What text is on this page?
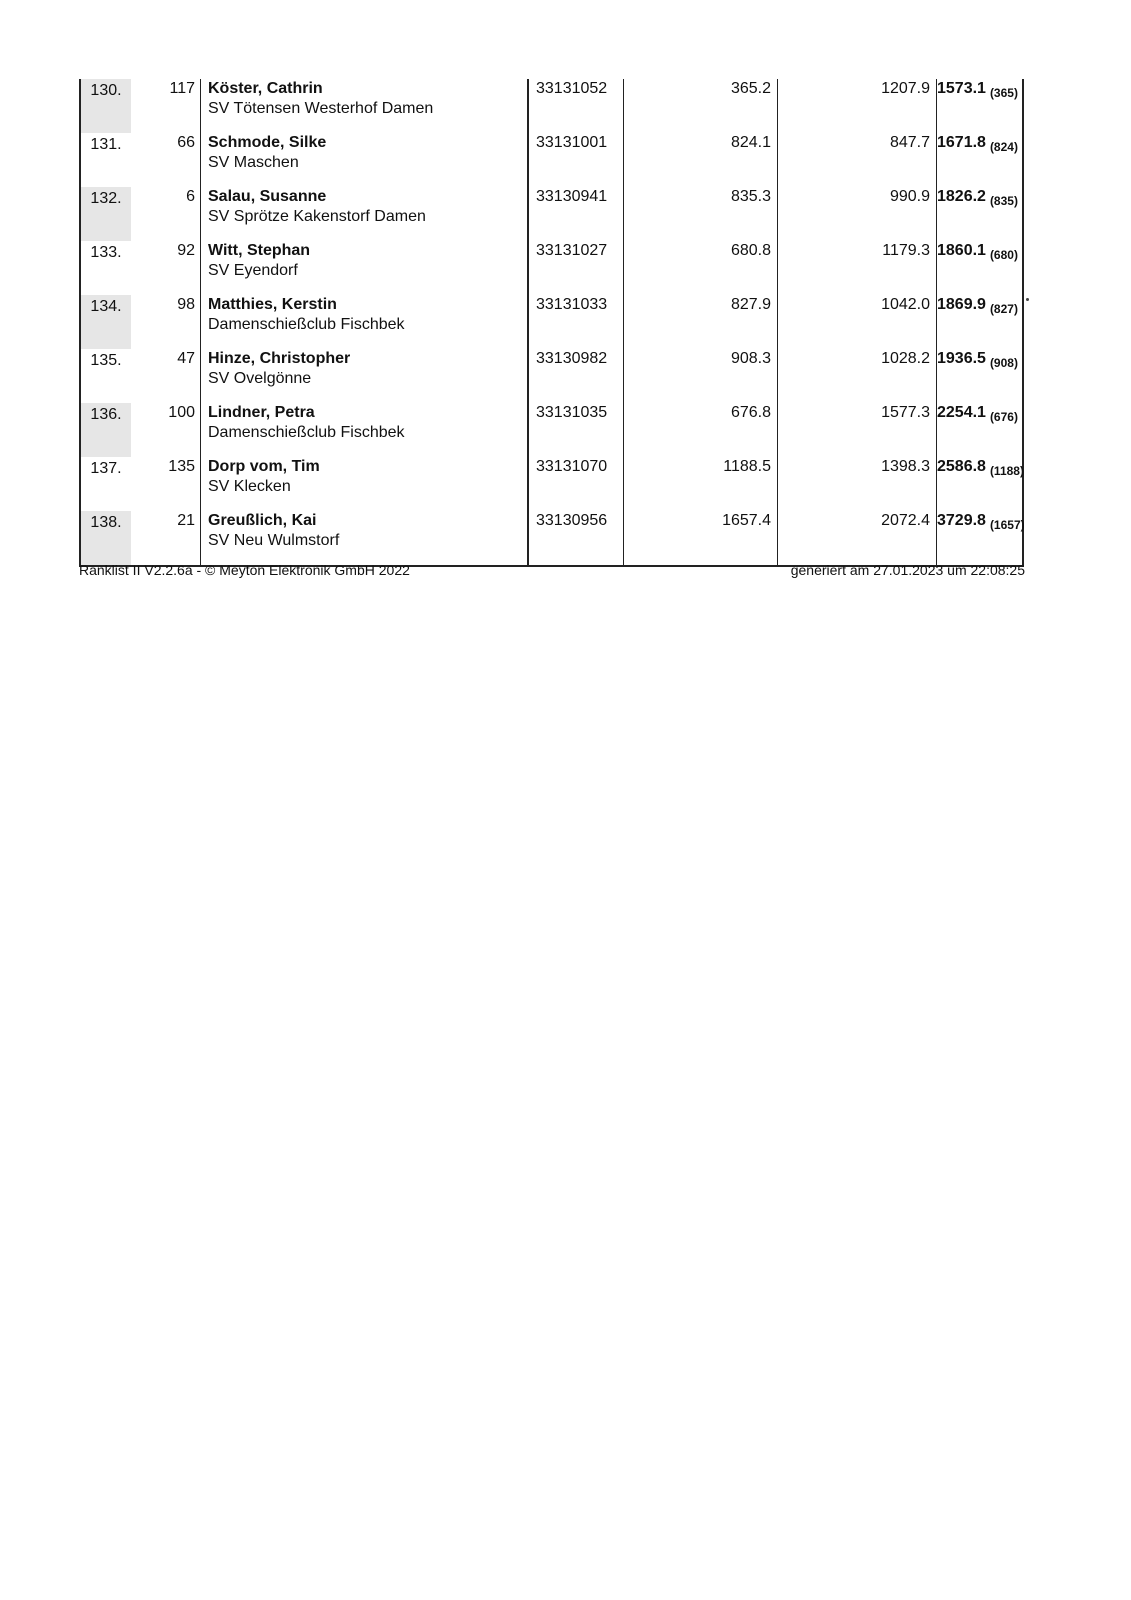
130.	117	Köster, Cathrin
SV Tötensen Westerhof Damen	33131052	365.2	1207.9	1573.1 $_{(365)}$
131.	66	Schmode, Silke
SV Maschen	33131001	824.1	847.7	1671.8 $_{(824)}$
132.	6	Salau, Susanne
SV Sprötze Kakenstorf Damen	33130941	835.3	990.9	1826.2 $_{(835)}$
133.	92	Witt, Stephan
SV Eyendorf	33131027	680.8	1179.3	1860.1 $_{(680)}$
134.	98	Matthies, Kerstin
Damenschießclub Fischbek	33131033	827.9	1042.0	1869.9 $_{(827)}$
135.	47	Hinze, Christopher
SV Ovelgönne	33130982	908.3	1028.2	1936.5 $_{(908)}$
136.	100	Lindner, Petra
Damenschießclub Fischbek	33131035	676.8	1577.3	2254.1 $_{(676)}$
137.	135	Dorp vom, Tim
SV Klecken	33131070	1188.5	1398.3	2586.8 $_{(1188)}$
138.	21	Greußlich, Kai
SV Neu Wulmstorf	33130956	1657.4	2072.4	3729.8 $_{(1657)}$
Ranklist II V2.2.6a - © Meyton Elektronik GmbH 2022	generiert am 27.01.2023 um 22:08:25
